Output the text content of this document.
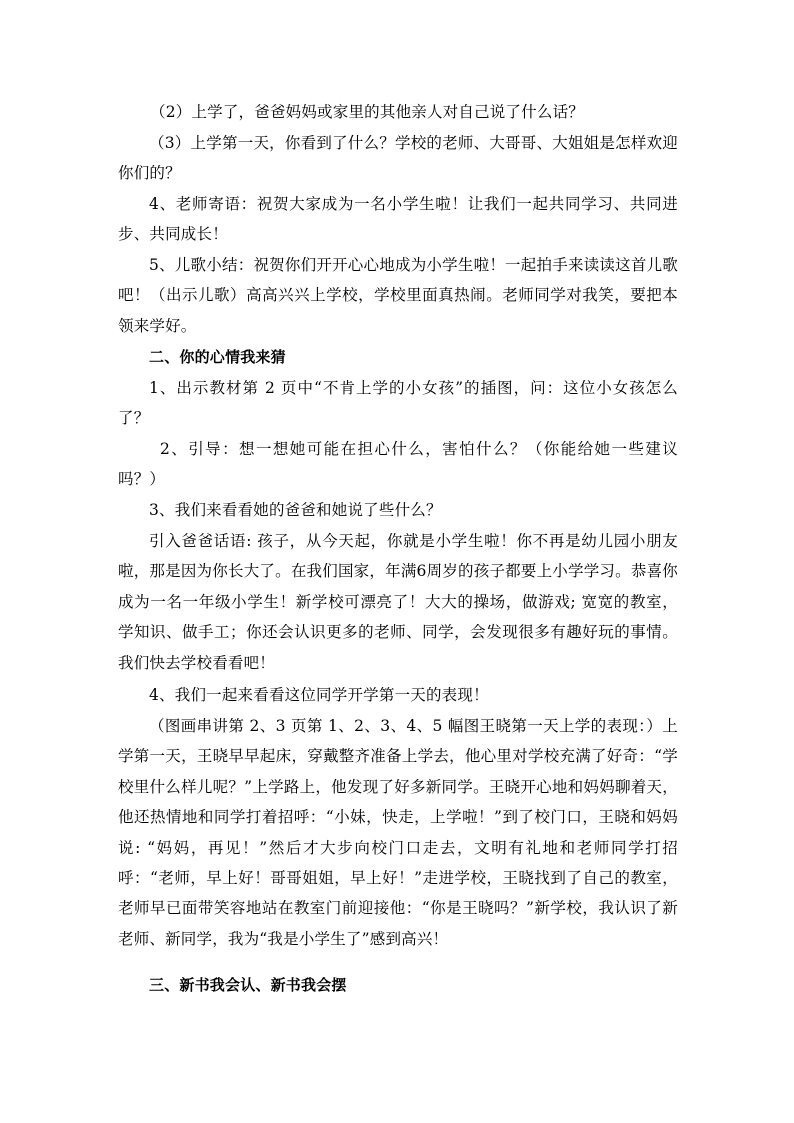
（2）上学了，爸爸妈妈或家里的其他亲人对自己说了什么话？

（3）上学第一天，你看到了什么？学校的老师、大哥哥、大姐姐是怎样欢迎你们的？

4、老师寄语：祝贺大家成为一名小学生啦！让我们一起共同学习、共同进步、共同成长！

5、儿歌小结：祝贺你们开开心心地成为小学生啦！一起拍手来读读这首儿歌吧！（出示儿歌）高高兴兴上学校，学校里面真热闹。老师同学对我笑，要把本领来学好。

二、你的心情我来猜

1、出示教材第 2 页中“不肯上学的小女孩”的插图，问：这位小女孩怎么了？

2、引导：想一想她可能在担心什么，害怕什么？（你能给她一些建议吗？）

3、我们来看看她的爸爸和她说了些什么？

引入爸爸话语: 孩子，从今天起，你就是小学生啦！你不再是幼儿园小朋友啦，那是因为你长大了。在我们国家，年满6周岁的孩子都要上小学学习。恭喜你成为一名一年级小学生！新学校可漂亮了！大大的操场，做游戏; 宽宽的教室，学知识、做手工；你还会认识更多的老师、同学，会发现很多有趣好玩的事情。我们快去学校看看吧！

4、我们一起来看看这位同学开学第一天的表现！

（图画串讲第 2、3 页第 1、2、3、4、5 幅图王晓第一天上学的表现：）上学第一天，王晓早早起床，穿戴整齐准备上学去，他心里对学校充满了好奇：“学校里什么样儿呢？”上学路上，他发现了好多新同学。王晓开心地和妈妈聊着天，他还热情地和同学打着招呼：“小妹，快走，上学啦！”到了校门口，王晓和妈妈说: “妈妈，再见！”然后才大步向校门口走去，文明有礼地和老师同学打招呼：“老师，早上好！哥哥姐姐，早上好！”走进学校，王晓找到了自己的教室，老师早已面带笑容地站在教室门前迎接他：“你是王晓吗？”新学校，我认识了新老师、新同学，我为“我是小学生了”感到高兴！

三、新书我会认、新书我会摆
